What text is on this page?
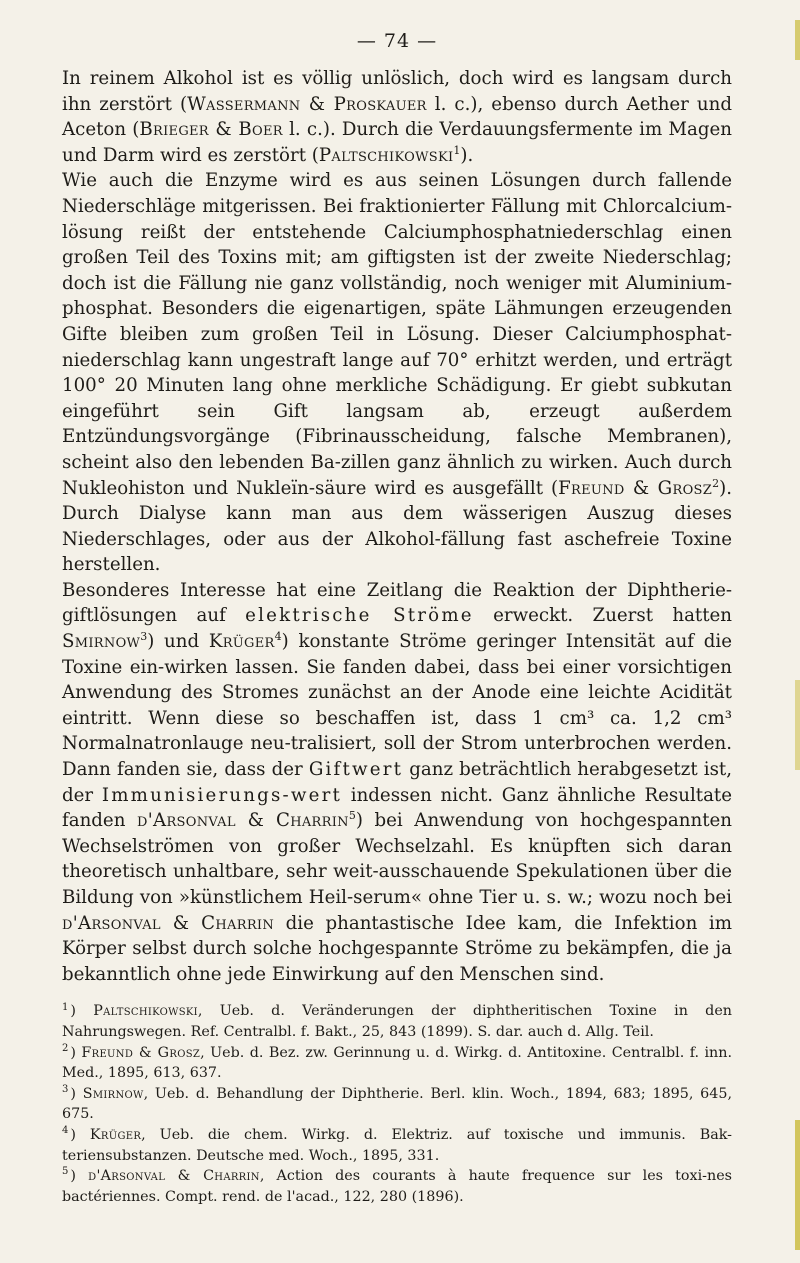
— 74 —

In reinem Alkohol ist es völlig unlöslich, doch wird es langsam durch ihn zerstört (Wassermann & Proskauer l. c.), ebenso durch Aether und Aceton (Brieger & Boer l. c.). Durch die Verdauungsfermente im Magen und Darm wird es zerstört (Paltschikowski$^1$).

Wie auch die Enzyme wird es aus seinen Lösungen durch fallende Niederschläge mitgerissen. Bei fraktionierter Fällung mit Chlorcalcium-lösung reißt der entstehende Calciumphosphatniederschlag einen großen Teil des Toxins mit; am giftigsten ist der zweite Niederschlag; doch ist die Fällung nie ganz vollständig, noch weniger mit Aluminium-phosphat. Besonders die eigenartigen, späte Lähmungen erzeugenden Gifte bleiben zum großen Teil in Lösung. Dieser Calciumphosphat-niederschlag kann ungestraft lange auf 70° erhitzt werden, und erträgt 100° 20 Minuten lang ohne merkliche Schädigung. Er giebt subkutan eingeführt sein Gift langsam ab, erzeugt außerdem Entzündungsvorgänge (Fibrinausscheidung, falsche Membranen), scheint also den lebenden Ba-zillen ganz ähnlich zu wirken. Auch durch Nukleohiston und Nukleïn-säure wird es ausgefällt (Freund & Grosz$^2$). Durch Dialyse kann man aus dem wässerigen Auszug dieses Niederschlages, oder aus der Alkohol-fällung fast aschefreie Toxine herstellen.

Besonderes Interesse hat eine Zeitlang die Reaktion der Diphtherie-giftlösungen auf elektrische Ströme erweckt. Zuerst hatten Smirnow$^3$) und Krüger$^4$) konstante Ströme geringer Intensität auf die Toxine ein-wirken lassen. Sie fanden dabei, dass bei einer vorsichtigen Anwendung des Stromes zunächst an der Anode eine leichte Acidität eintritt. Wenn diese so beschaffen ist, dass 1 cm³ ca. 1,2 cm³ Normalnatronlauge neu-tralisiert, soll der Strom unterbrochen werden. Dann fanden sie, dass der Giftwert ganz beträchtlich herabgesetzt ist, der Immunisierungs-wert indessen nicht. Ganz ähnliche Resultate fanden d'Arsonval & Charrin$^5$) bei Anwendung von hochgespannten Wechselströmen von großer Wechselzahl. Es knüpften sich daran theoretisch unhaltbare, sehr weit-ausschauende Spekulationen über die Bildung von »künstlichem Heil-serum« ohne Tier u. s. w.; wozu noch bei d'Arsonval & Charrin die phantastische Idee kam, die Infektion im Körper selbst durch solche hochgespannte Ströme zu bekämpfen, die ja bekanntlich ohne jede Einwirkung auf den Menschen sind.

$^1$ ) Paltschikowski, Ueb. d. Veränderungen der diphtheritischen Toxine in den Nahrungswegen. Ref. Centralbl. f. Bakt., 25, 843 (1899). S. dar. auch d. Allg. Teil.

$^2$ ) Freund & Grosz, Ueb. d. Bez. zw. Gerinnung u. d. Wirkg. d. Antitoxine. Centralbl. f. inn. Med., 1895, 613, 637.

$^3$ ) Smirnow, Ueb. d. Behandlung der Diphtherie. Berl. klin. Woch., 1894, 683; 1895, 645, 675.

$^4$ ) Krüger, Ueb. die chem. Wirkg. d. Elektriz. auf toxische und immunis. Bak-teriensubstanzen. Deutsche med. Woch., 1895, 331.

$^5$ ) d'Arsonval & Charrin, Action des courants à haute frequence sur les toxi-nes bactériennes. Compt. rend. de l'acad., 122, 280 (1896).
